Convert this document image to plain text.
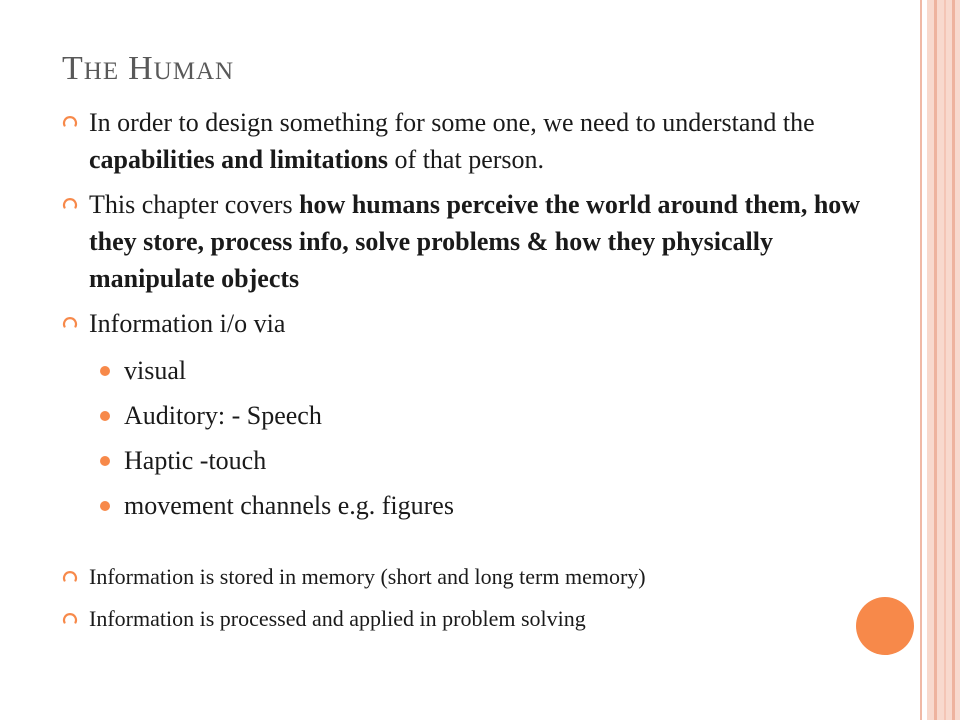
THE HUMAN
In order to design something for some one, we need to understand the capabilities and limitations of that person.
This chapter covers how humans perceive the world around them, how they store, process info, solve problems & how they physically manipulate objects
Information i/o via
visual
Auditory: - Speech
Haptic -touch
movement channels e.g. figures
Information is stored in memory (short and long term memory)
Information is processed and applied in problem solving
